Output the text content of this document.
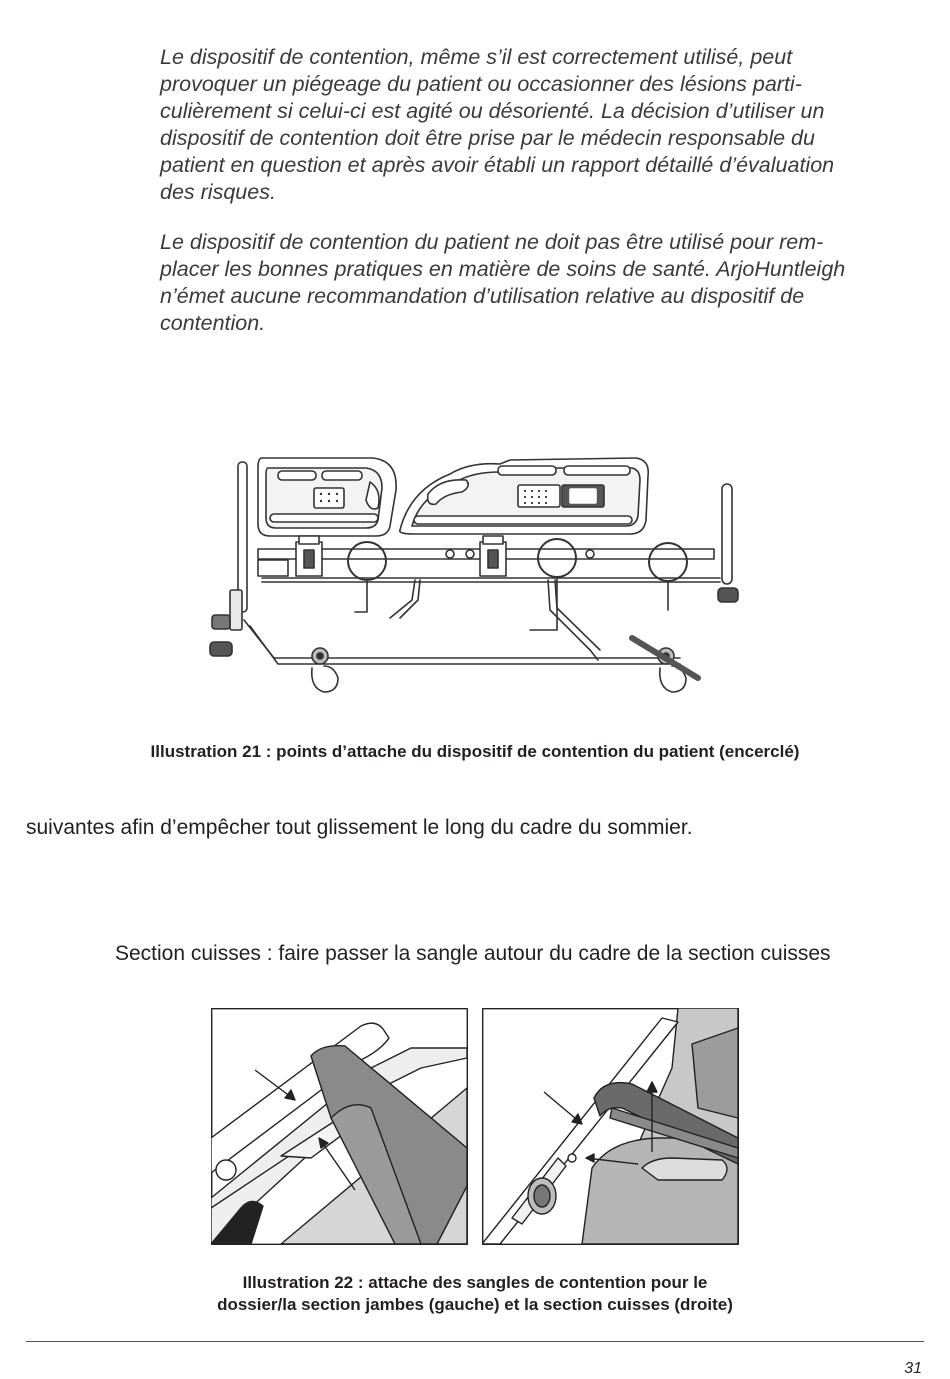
Le dispositif de contention, même s’il est correctement utilisé, peut
provoquer un piégeage du patient ou occasionner des lésions parti-
culièrement si celui-ci est agité ou désorienté. La décision d’utiliser un
dispositif de contention doit être prise par le médecin responsable du
patient en question et après avoir établi un rapport détaillé d’évaluation
des risques.
Le dispositif de contention du patient ne doit pas être utilisé pour rem-
placer les bonnes pratiques en matière de soins de santé. ArjoHuntleigh
n’émet aucune recommandation d’utilisation relative au dispositif de
contention.
Illustration 21 : points d’attache du dispositif de contention du patient (encerclé)
suivantes afin d’empêcher tout glissement le long du cadre du sommier.
Section cuisses : faire passer la sangle autour du cadre de la section cuisses
Illustration 22 : attache des sangles de contention pour le
dossier/la section jambes (gauche) et la section cuisses (droite)
31
